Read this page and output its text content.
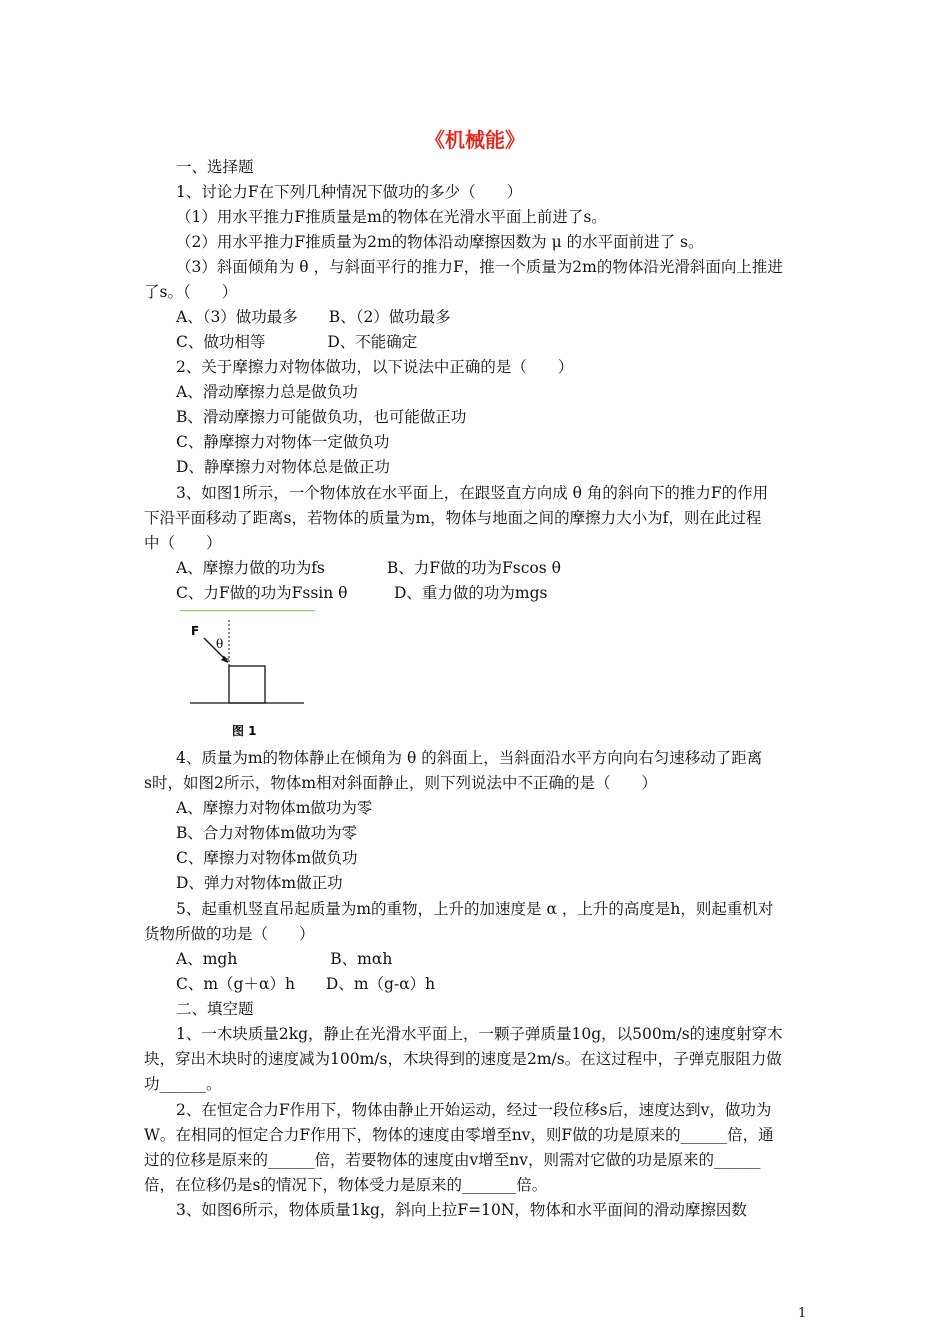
《机械能》
一、选择题
1、讨论力F在下列几种情况下做功的多少（　　）
（1）用水平推力F推质量是m的物体在光滑水平面上前进了s。
（2）用水平推力F推质量为2m的物体沿动摩擦因数为 μ 的水平面前进了 s。
（3）斜面倾角为 θ ，与斜面平行的推力F，推一个质量为2m的物体沿光滑斜面向上推进
了s。（　　）
A、（3）做功最多　　B、（2）做功最多
C、做功相等　　　　D、不能确定
2、关于摩擦力对物体做功，以下说法中正确的是（　　）
A、滑动摩擦力总是做负功
B、滑动摩擦力可能做负功，也可能做正功
C、静摩擦力对物体一定做负功
D、静摩擦力对物体总是做正功
3、如图1所示，一个物体放在水平面上，在跟竖直方向成 θ 角的斜向下的推力F的作用
下沿平面移动了距离s，若物体的质量为m，物体与地面之间的摩擦力大小为f，则在此过程
中（　　）
A、摩擦力做的功为fs　　　　B、力F做的功为Fscos θ
C、力F做的功为Fssin θ　　　D、重力做的功为mgs
F
θ
图 1
4、质量为m的物体静止在倾角为 θ 的斜面上，当斜面沿水平方向向右匀速移动了距离
s时，如图2所示，物体m相对斜面静止，则下列说法中不正确的是（　　）
A、摩擦力对物体m做功为零
B、合力对物体m做功为零
C、摩擦力对物体m做负功
D、弹力对物体m做正功
5、起重机竖直吊起质量为m的重物，上升的加速度是 α ，上升的高度是h，则起重机对
货物所做的功是（　　）
A、mgh　　　　　　B、mαh
C、m（g＋α）h　　D、m（g-α）h
二、填空题
1、一木块质量2kg，静止在光滑水平面上，一颗子弹质量10g，以500m/s的速度射穿木
块，穿出木块时的速度减为100m/s，木块得到的速度是2m/s。在这过程中，子弹克服阻力做
功______。
2、在恒定合力F作用下，物体由静止开始运动，经过一段位移s后，速度达到v，做功为
W。在相同的恒定合力F作用下，物体的速度由零增至nv，则F做的功是原来的______倍，通
过的位移是原来的______倍，若要物体的速度由v增至nv，则需对它做的功是原来的______
倍，在位移仍是s的情况下，物体受力是原来的_______倍。
3、如图6所示，物体质量1kg，斜向上拉F=10N，物体和水平面间的滑动摩擦因数
1
